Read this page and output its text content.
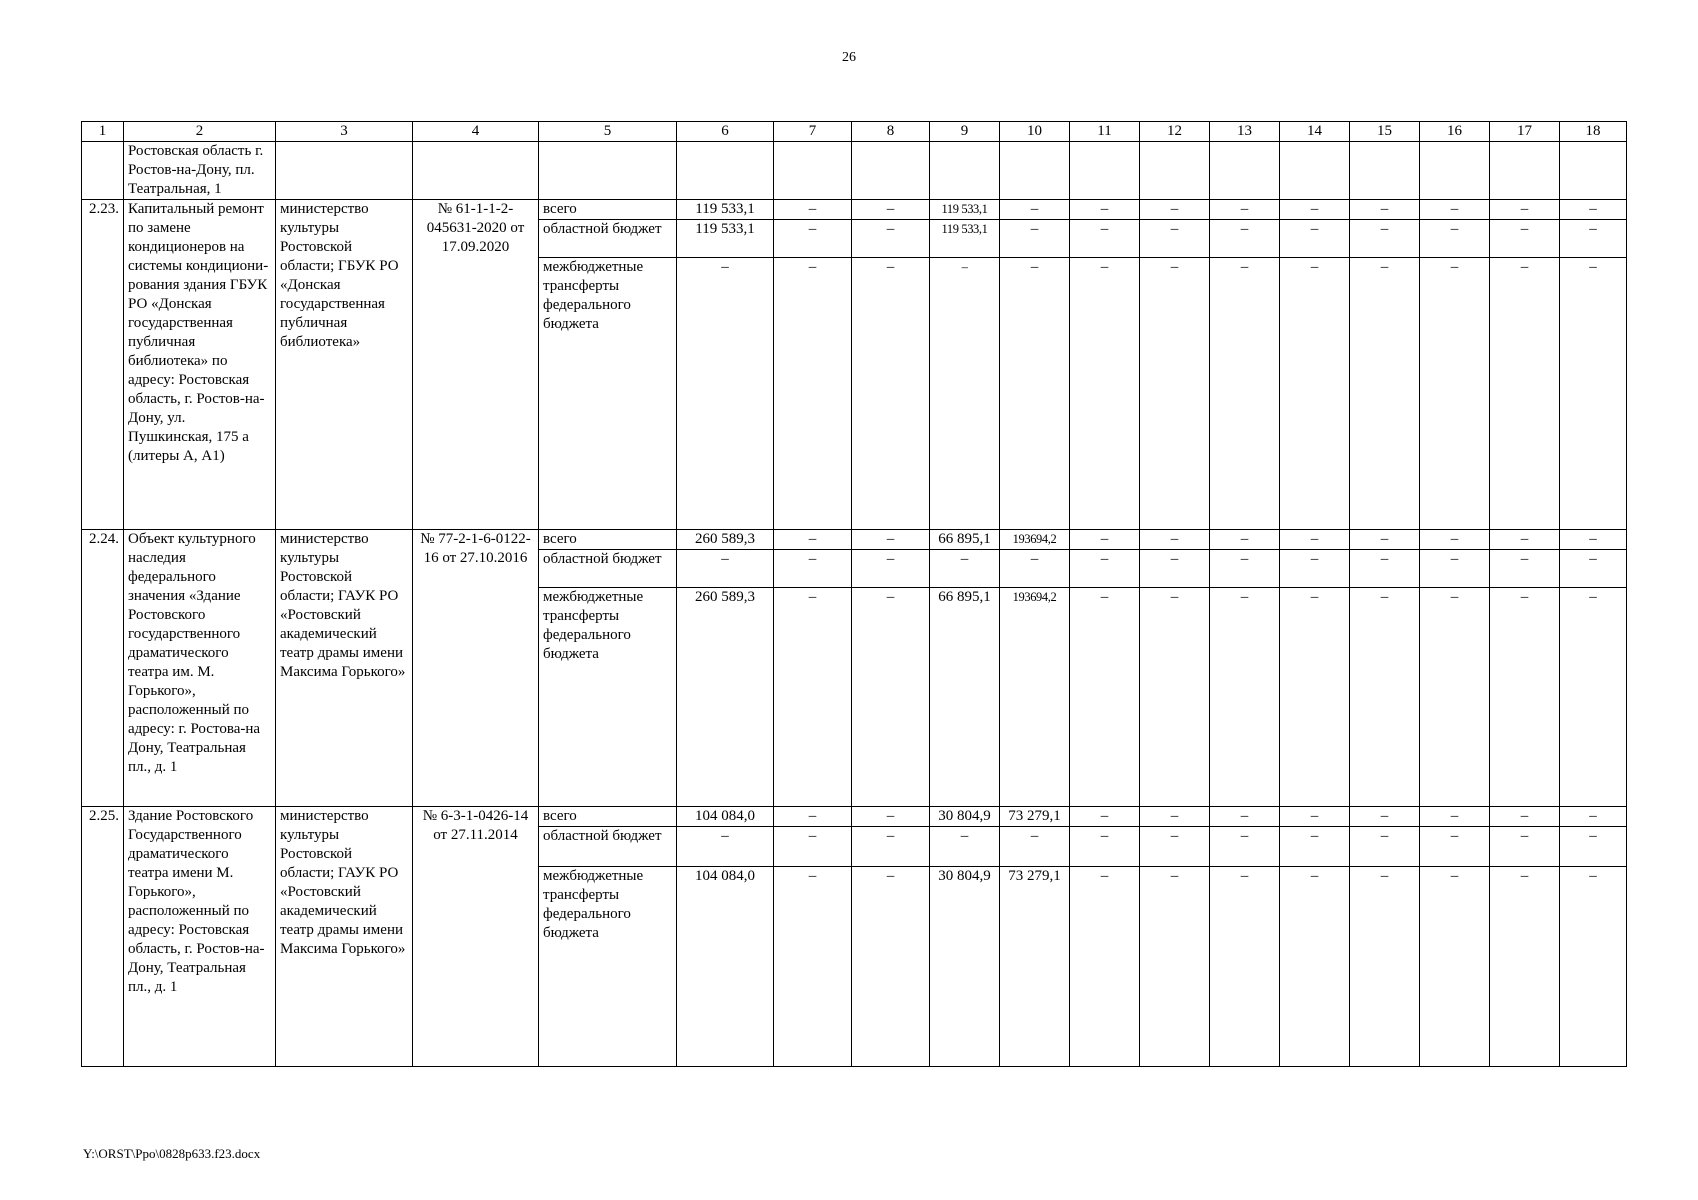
26
1	2	3	4	5	6	7	8	9	10	11	12	13	14	15	16	17	18
	Ростовская область г. Ростов-на-Дону, пл. Театральная, 1																
2.23.	Капитальный ремонт по замене кондиционеров на системы кондициони-рования здания ГБУК РО «Донская государственная публичная библиотека» по адресу: Ростовская область, г. Ростов-на-Дону, ул. Пушкинская, 175 а (литеры А, А1)	министерство культуры Ростовской области; ГБУК РО «Донская государственная публичная библиотека»	№ 61-1-1-2-045631-2020 от 17.09.2020	всего	119 533,1	–	–	119 533,1	–	–	–	–	–	–	–	–	–
				областной бюджет	119 533,1	–	–	119 533,1	–	–	–	–	–	–	–	–	–
				межбюджетные трансферты федерального бюджета	–	–	–	–	–	–	–	–	–	–	–	–	–
2.24.	Объект культурного наследия федерального значения «Здание Ростовского государственного драматического театра им. М. Горького», расположенный по адресу: г. Ростова-на Дону, Театральная пл., д. 1	министерство культуры Ростовской области; ГАУК РО «Ростовский академический театр драмы имени Максима Горького»	№ 77-2-1-6-0122-16 от 27.10.2016	всего	260 589,3	–	–	66 895,1	193694,2	–	–	–	–	–	–	–	–
				областной бюджет	–	–	–	–	–	–	–	–	–	–	–	–	–
				межбюджетные трансферты федерального бюджета	260 589,3	–	–	66 895,1	193694,2	–	–	–	–	–	–	–	–
2.25.	Здание Ростовского Государственного драматического театра имени М. Горького», расположенный по адресу: Ростовская область, г. Ростов-на-Дону, Театральная пл., д. 1	министерство культуры Ростовской области; ГАУК РО «Ростовский академический театр драмы имени Максима Горького»	№ 6-3-1-0426-14 от 27.11.2014	всего	104 084,0	–	–	30 804,9	73 279,1	–	–	–	–	–	–	–	–
				областной бюджет	–	–	–	–	–	–	–	–	–	–	–	–	–
				межбюджетные трансферты федерального бюджета	104 084,0	–	–	30 804,9	73 279,1	–	–	–	–	–	–	–	–
Y:\ORST\Ppo\0828p633.f23.docx
